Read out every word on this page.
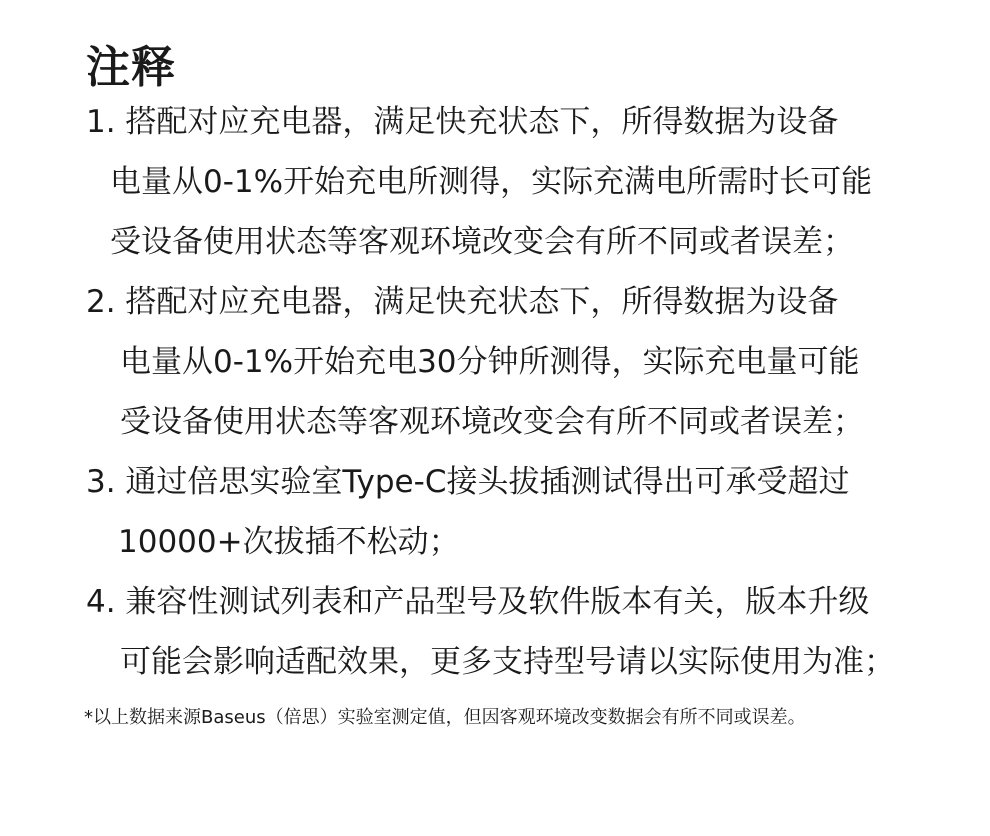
注释
1. 搭配对应充电器，满足快充状态下，所得数据为设备
电量从0-1%开始充电所测得，实际充满电所需时长可能
受设备使用状态等客观环境改变会有所不同或者误差；
2. 搭配对应充电器，满足快充状态下，所得数据为设备
电量从0-1%开始充电30分钟所测得，实际充电量可能
受设备使用状态等客观环境改变会有所不同或者误差；
3. 通过倍思实验室Type-C接头拔插测试得出可承受超过
10000+次拔插不松动；
4. 兼容性测试列表和产品型号及软件版本有关，版本升级
可能会影响适配效果，更多支持型号请以实际使用为准；
*以上数据来源Baseus（倍思）实验室测定值，但因客观环境改变数据会有所不同或误差。
